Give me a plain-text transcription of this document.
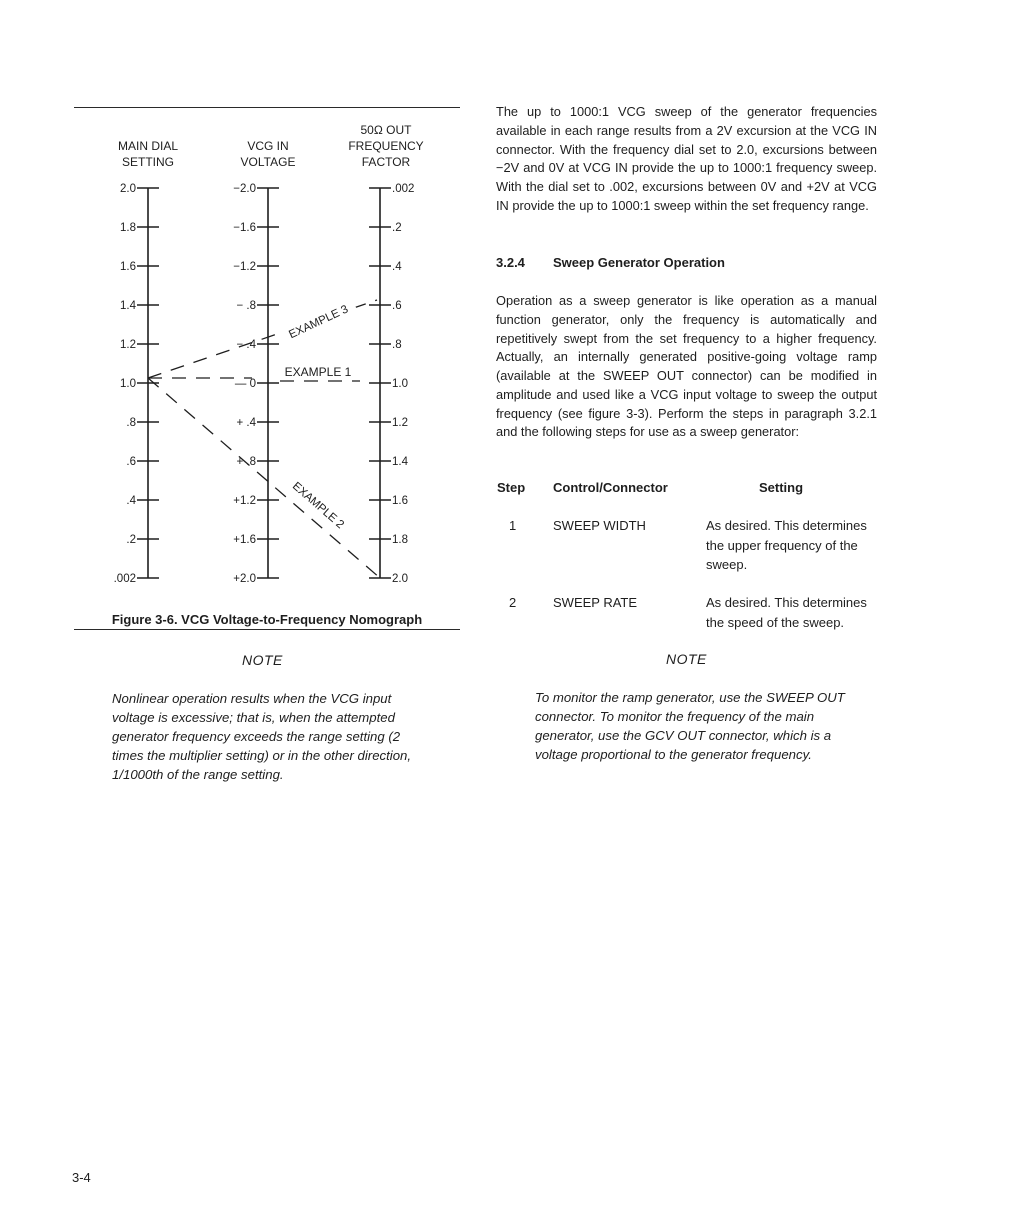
MAIN DIAL
SETTING
VCG IN
VOLTAGE
50Ω OUT
FREQUENCY
FACTOR
2.0
1.8
1.6
1.4
1.2
1.0
.8
.6
.4
.2
.002
−2.0
−1.6
−1.2
− .8
− .4
— 0
+ .4
+ .8
+1.2
+1.6
+2.0
.002
.2
.4
.6
.8
1.0
1.2
1.4
1.6
1.8
2.0
EXAMPLE 1
EXAMPLE 3
EXAMPLE 2
Figure 3-6. VCG Voltage-to-Frequency Nomograph
NOTE

Nonlinear operation results when the VCG input voltage is excessive; that is, when the attempted generator frequency exceeds the range setting (2 times the multiplier setting) or in the other direction, 1/1000th of the range setting.

The up to 1000:1 VCG sweep of the generator frequencies available in each range results from a 2V excursion at the VCG IN connector. With the frequency dial set to 2.0, excursions between −2V and 0V at VCG IN provide the up to 1000:1 frequency sweep. With the dial set to .002, excursions between 0V and +2V at VCG IN provide the up to 1000:1 sweep within the set frequency range.

3.2.4 Sweep Generator Operation

Operation as a sweep generator is like operation as a manual function generator, only the frequency is automatically and repetitively swept from the set frequency to a higher frequency. Actually, an internally generated positive-going voltage ramp (available at the SWEEP OUT connector) can be modified in amplitude and used like a VCG input voltage to sweep the output frequency (see figure 3-3). Perform the steps in paragraph 3.2.1 and the following steps for use as a sweep generator:

Step Control/Connector	Setting
1	SWEEP WIDTH	As desired. This determines the upper frequency of the sweep.
2	SWEEP RATE	As desired. This determines the speed of the sweep.
NOTE

To monitor the ramp generator, use the SWEEP OUT connector. To monitor the frequency of the main generator, use the GCV OUT connector, which is a voltage proportional to the generator frequency.

3-4
